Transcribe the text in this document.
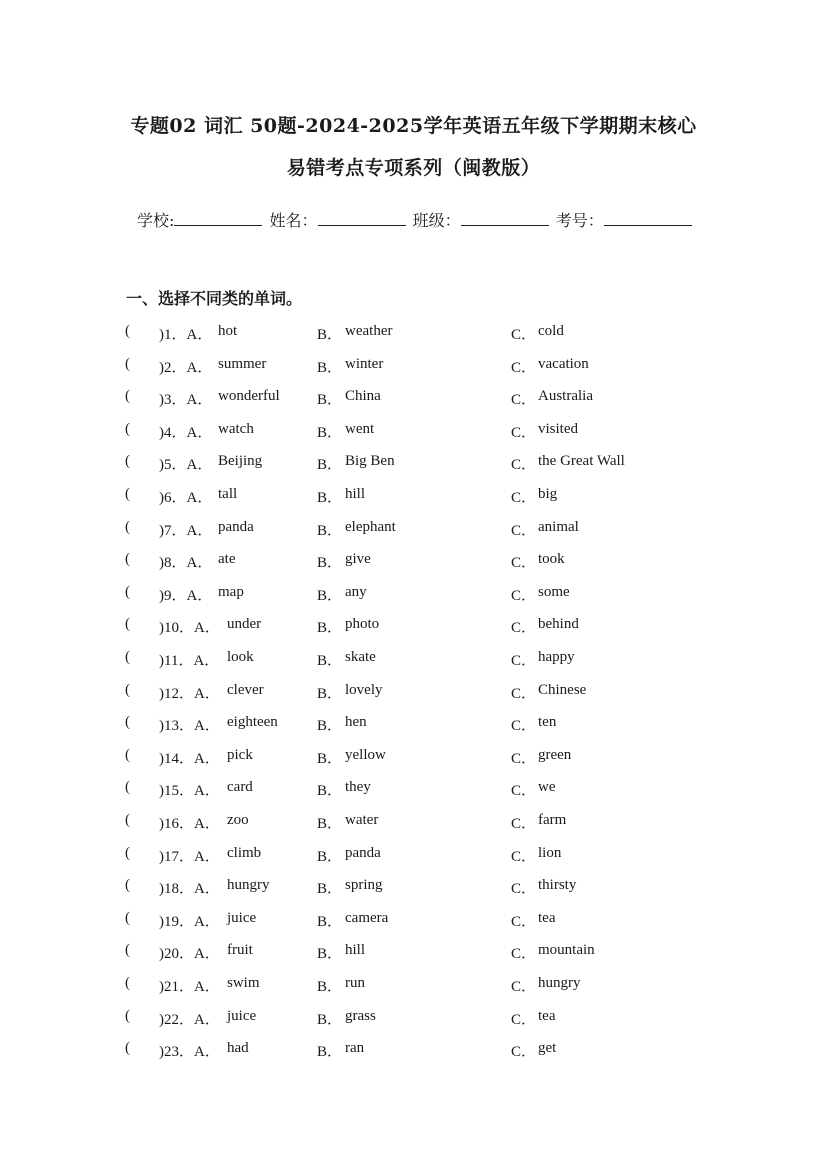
专题02 词汇 50题-2024-2025学年英语五年级下学期期末核心
易错考点专项系列（闽教版）
学校:	姓名：	班级：	考号：
一、选择不同类的单词。
( )1．A． hot	B． weather	C． cold
( )2．A． summer	B． winter	C． vacation
( )3．A． wonderful B． China	C． Australia
( )4．A． watch	B． went	C． visited
( )5．A． Beijing	B． Big Ben	C． the Great Wall
( )6．A． tall	B． hill	C． big
( )7．A． panda	B． elephant	C． animal
( )8．A． ate	B． give	C． took
( )9．A． map	B． any	C． some
( )10．A． under	B． photo	C． behind
( )11．A． look	B． skate	C． happy
( )12．A． clever	B． lovely	C． Chinese
( )13．A． eighteen	B． hen	C． ten
( )14．A． pick	B． yellow	C． green
( )15．A． card	B． they	C． we
( )16．A． zoo	B． water	C． farm
( )17．A． climb	B． panda	C． lion
( )18．A． hungry	B． spring	C． thirsty
( )19．A． juice	B． camera	C． tea
( )20．A． fruit	B． hill	C． mountain
( )21．A． swim	B． run	C． hungry
( )22．A． juice	B． grass	C． tea
( )23．A． had	B． ran	C． get
